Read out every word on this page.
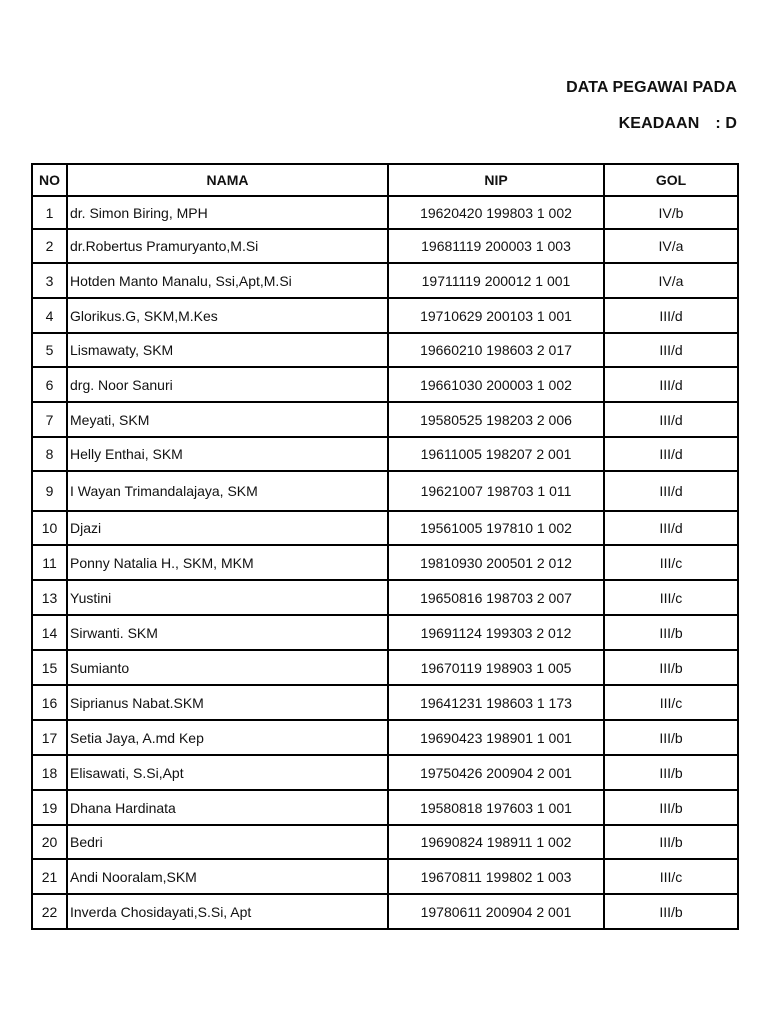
DATA PEGAWAI PADA
KEADAAN : D
NO	NAMA	NIP	GOL
1	dr. Simon Biring, MPH	19620420 199803 1 002	IV/b
2	dr.Robertus Pramuryanto,M.Si	19681119 200003 1 003	IV/a
3	Hotden Manto Manalu, Ssi,Apt,M.Si	19711119 200012 1 001	IV/a
4	Glorikus.G, SKM,M.Kes	19710629 200103 1 001	III/d
5	Lismawaty, SKM	19660210 198603 2 017	III/d
6	drg. Noor Sanuri	19661030 200003 1 002	III/d
7	Meyati, SKM	19580525 198203 2 006	III/d
8	Helly Enthai, SKM	19611005 198207 2 001	III/d
9	I Wayan Trimandalajaya, SKM	19621007 198703 1 011	III/d
10	Djazi	19561005 197810 1 002	III/d
11	Ponny Natalia H., SKM, MKM	19810930 200501 2 012	III/c
13	Yustini	19650816 198703 2 007	III/c
14	Sirwanti. SKM	19691124 199303 2 012	III/b
15	Sumianto	19670119 198903 1 005	III/b
16	Siprianus Nabat.SKM	19641231 198603 1 173	III/c
17	Setia Jaya, A.md Kep	19690423 198901 1 001	III/b
18	Elisawati, S.Si,Apt	19750426 200904 2 001	III/b
19	Dhana Hardinata	19580818 197603 1 001	III/b
20	Bedri	19690824 198911 1 002	III/b
21	Andi Nooralam,SKM	19670811 199802 1 003	III/c
22	Inverda Chosidayati,S.Si, Apt	19780611 200904 2 001	III/b
